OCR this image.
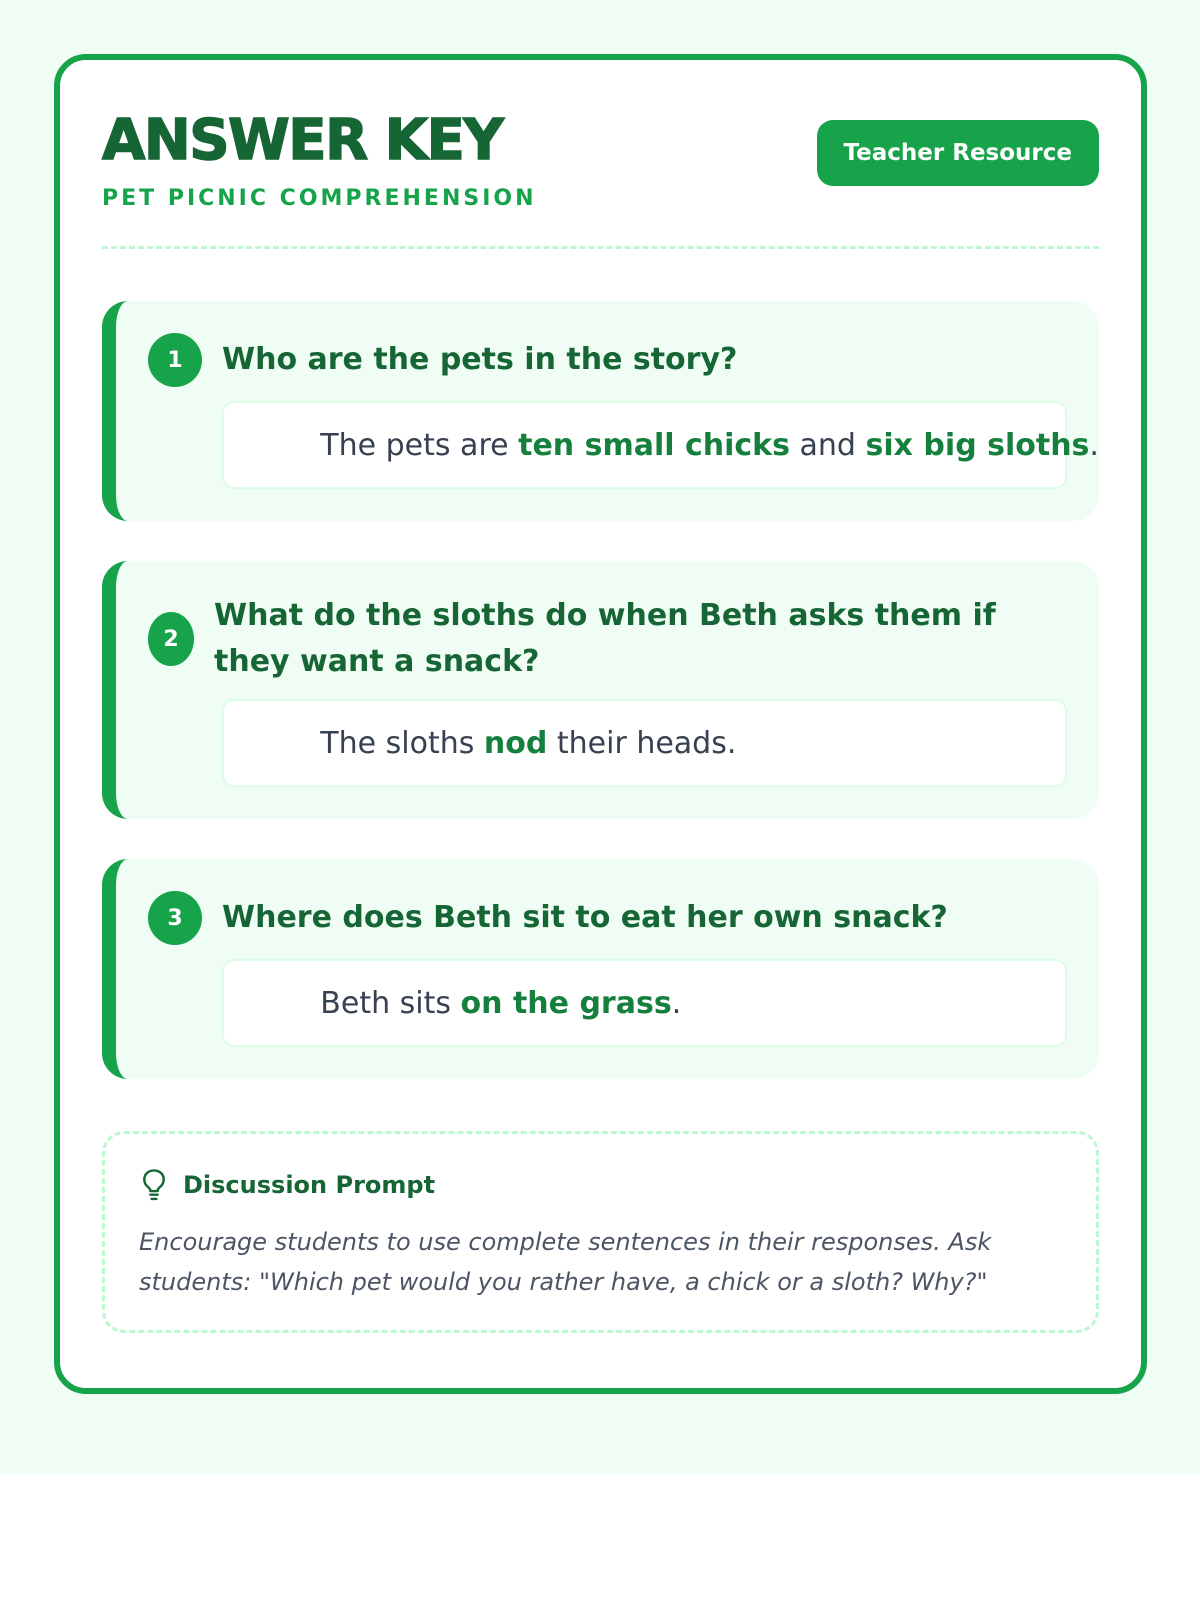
ANSWER KEY
PET PICNIC COMPREHENSION
Teacher Resource
1	Who are the pets in the story?

The pets are ten small chicks and six big sloths.

2
What do the sloths do when Beth asks them if they want a snack?

The sloths nod their heads.

3	Where does Beth sit to eat her own snack?

Beth sits on the grass.

Discussion Prompt
Encourage students to use complete sentences in their responses. Ask students: "Which pet would you rather have, a chick or a sloth? Why?"
